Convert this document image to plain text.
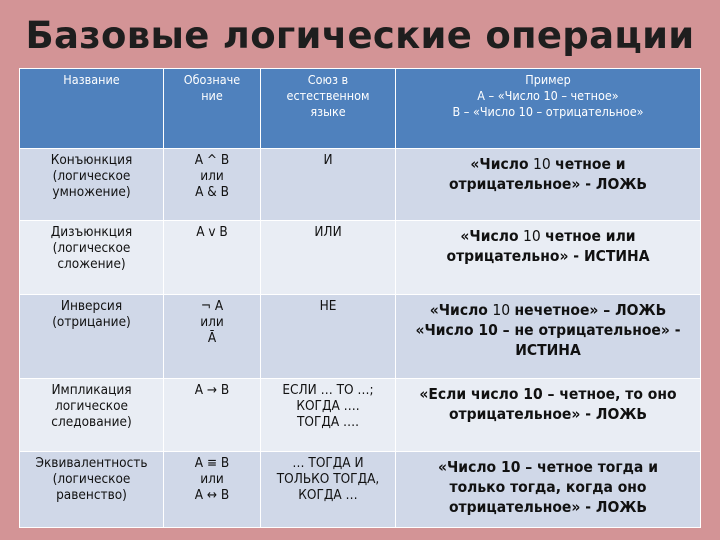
Базовые логические операции
Название	Обозначе
ние	Союз в
естественном
языке	Пример
A – «Число 10 – четное»
B – «Число 10 – отрицательное»

Конъюнкция
(логическое
умножение)	A ^ B
или
A & B	И	«Число 10 четное и
отрицательное» - ЛОЖЬ

Дизъюнкция
(логическое
сложение)	A v B	ИЛИ	«Число 10 четное или
отрицательно» - ИСТИНА

Инверсия
(отрицание)	¬ A
или
Ā	НЕ	«Число 10 нечетное» – ЛОЖЬ
«Число 10 – не отрицательное» -
ИСТИНА

Импликация
логическое
следование)	A → B	ЕСЛИ … ТО …;
КОГДА ….
ТОГДА ….	«Если число 10 – четное, то оно
отрицательное» - ЛОЖЬ

Эквивалентность
(логическое
равенство)	A ≡ B
или
A ↔ B	… ТОГДА И
ТОЛЬКО ТОГДА,
КОГДА …	«Число 10 – четное тогда и
только тогда, когда оно
отрицательное» - ЛОЖЬ
